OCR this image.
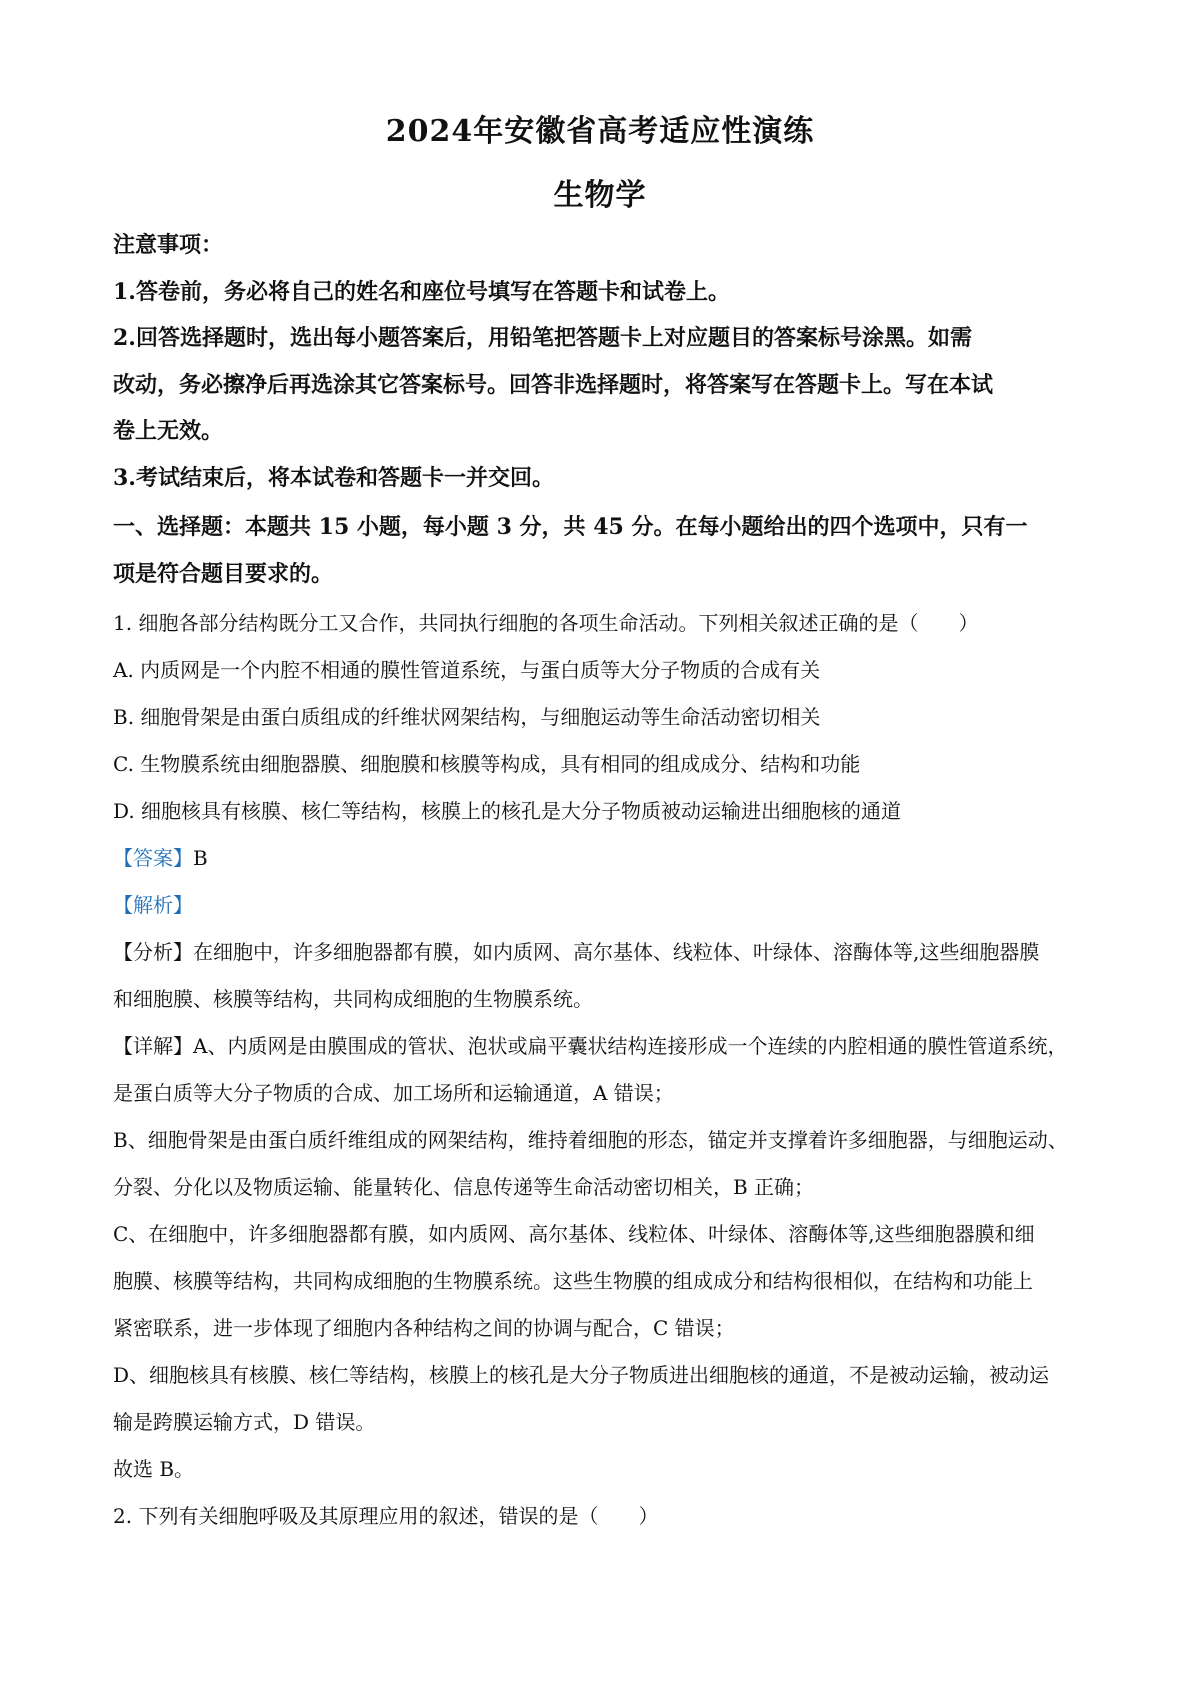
2024年安徽省高考适应性演练
生物学
注意事项：
1.答卷前，务必将自己的姓名和座位号填写在答题卡和试卷上。
2.回答选择题时，选出每小题答案后，用铅笔把答题卡上对应题目的答案标号涂黑。如需
改动，务必擦净后再选涂其它答案标号。回答非选择题时，将答案写在答题卡上。写在本试
卷上无效。
3.考试结束后，将本试卷和答题卡一并交回。
一、选择题：本题共 15 小题，每小题 3 分，共 45 分。在每小题给出的四个选项中，只有一
项是符合题目要求的。
1. 细胞各部分结构既分工又合作，共同执行细胞的各项生命活动。下列相关叙述正确的是（　　）
A. 内质网是一个内腔不相通的膜性管道系统，与蛋白质等大分子物质的合成有关
B. 细胞骨架是由蛋白质组成的纤维状网架结构，与细胞运动等生命活动密切相关
C. 生物膜系统由细胞器膜、细胞膜和核膜等构成，具有相同的组成成分、结构和功能
D. 细胞核具有核膜、核仁等结构，核膜上的核孔是大分子物质被动运输进出细胞核的通道
【答案】B
【解析】
【分析】在细胞中，许多细胞器都有膜，如内质网、高尔基体、线粒体、叶绿体、溶酶体等,这些细胞器膜
和细胞膜、核膜等结构，共同构成细胞的生物膜系统。
【详解】A、内质网是由膜围成的管状、泡状或扁平囊状结构连接形成一个连续的内腔相通的膜性管道系统，
是蛋白质等大分子物质的合成、加工场所和运输通道，A 错误；
B、细胞骨架是由蛋白质纤维组成的网架结构，维持着细胞的形态，锚定并支撑着许多细胞器，与细胞运动、
分裂、分化以及物质运输、能量转化、信息传递等生命活动密切相关，B 正确；
C、在细胞中，许多细胞器都有膜，如内质网、高尔基体、线粒体、叶绿体、溶酶体等,这些细胞器膜和细
胞膜、核膜等结构，共同构成细胞的生物膜系统。这些生物膜的组成成分和结构很相似，在结构和功能上
紧密联系，进一步体现了细胞内各种结构之间的协调与配合，C 错误；
D、细胞核具有核膜、核仁等结构，核膜上的核孔是大分子物质进出细胞核的通道，不是被动运输，被动运
输是跨膜运输方式，D 错误。
故选 B。
2. 下列有关细胞呼吸及其原理应用的叙述，错误的是（　　）
